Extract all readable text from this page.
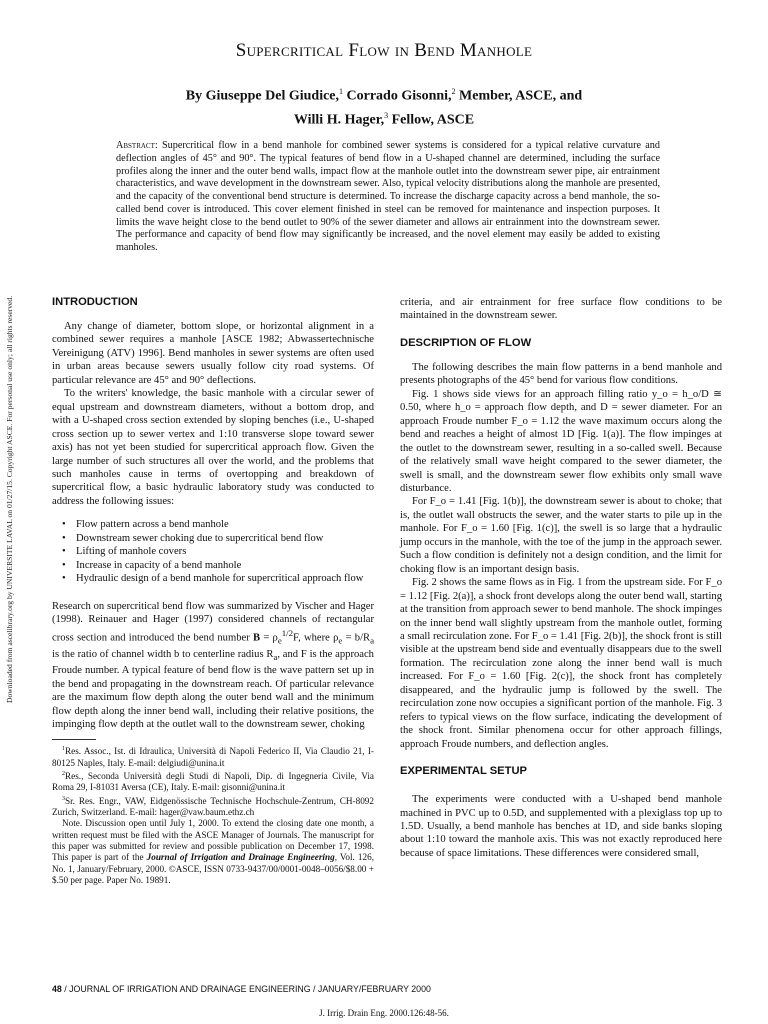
Downloaded from ascelibrary.org by UNIVERSITE LAVAL on 01/27/15. Copyright ASCE. For personal use only; all rights reserved.
Supercritical Flow in Bend Manhole
By Giuseppe Del Giudice,$^1$ Corrado Gisonni,$^2$ Member, ASCE, and
Willi H. Hager,$^3$ Fellow, ASCE
Abstract: Supercritical flow in a bend manhole for combined sewer systems is considered for a typical relative curvature and deflection angles of 45° and 90°. The typical features of bend flow in a U-shaped channel are determined, including the surface profiles along the inner and the outer bend walls, impact flow at the manhole outlet into the downstream sewer pipe, air entrainment characteristics, and wave development in the downstream sewer. Also, typical velocity distributions along the manhole are presented, and the capacity of the conventional bend structure is determined. To increase the discharge capacity across a bend manhole, the so-called bend cover is introduced. This cover element finished in steel can be removed for maintenance and inspection purposes. It limits the wave height close to the bend outlet to 90% of the sewer diameter and allows air entrainment into the downstream sewer. The performance and capacity of bend flow may significantly be increased, and the novel element may easily be added to existing manholes.
INTRODUCTION

Any change of diameter, bottom slope, or horizontal alignment in a combined sewer requires a manhole [ASCE 1982; Abwassertechnische Vereinigung (ATV) 1996]. Bend manholes in sewer systems are often used in urban areas because sewers usually follow city road systems. Of particular relevance are 45° and 90° deflections.

To the writers' knowledge, the basic manhole with a circular sewer of equal upstream and downstream diameters, without a bottom drop, and with a U-shaped cross section extended by sloping benches (i.e., U-shaped cross section up to sewer vertex and 1:10 transverse slope toward sewer axis) has not yet been studied for supercritical approach flow. Given the large number of such structures all over the world, and the problems that such manholes cause in terms of overtopping and breakdown of supercritical flow, a basic hydraulic laboratory study was conducted to address the following issues:

• Flow pattern across a bend manhole
• Downstream sewer choking due to supercritical bend flow
• Lifting of manhole covers
• Increase in capacity of a bend manhole
• Hydraulic design of a bend manhole for supercritical approach flow

Research on supercritical bend flow was summarized by Vischer and Hager (1998). Reinauer and Hager (1997) considered channels of rectangular cross section and introduced the bend number $B = \rho_e^{1/2}F$, where $\rho_e = b/R_a$ is the ratio of channel width b to centerline radius $R_a$, and F is the approach Froude number. A typical feature of bend flow is the wave pattern set up in the bend and propagating in the downstream reach. Of particular relevance are the maximum flow depth along the outer bend wall and the minimum flow depth along the inner bend wall, including their relative positions, the impinging flow depth at the outlet wall to the downstream sewer, choking

$^1$Res. Assoc., Ist. di Idraulica, Università di Napoli Federico II, Via Claudio 21, I-80125 Naples, Italy. E-mail: delgiudi@unina.it

$^2$Res., Seconda Università degli Studi di Napoli, Dip. di Ingegneria Civile, Via Roma 29, I-81031 Aversa (CE), Italy. E-mail: gisonni@unina.it

$^3$Sr. Res. Engr., VAW, Eidgenössische Technische Hochschule-Zentrum, CH-8092 Zurich, Switzerland. E-mail: hager@vaw.baum.ethz.ch

Note. Discussion open until July 1, 2000. To extend the closing date one month, a written request must be filed with the ASCE Manager of Journals. The manuscript for this paper was submitted for review and possible publication on December 17, 1998. This paper is part of the Journal of Irrigation and Drainage Engineering, Vol. 126, No. 1, January/February, 2000. ©ASCE, ISSN 0733-9437/00/0001-0048–0056/$8.00 + $.50 per page. Paper No. 19891.

criteria, and air entrainment for free surface flow conditions to be maintained in the downstream sewer.

DESCRIPTION OF FLOW

The following describes the main flow patterns in a bend manhole and presents photographs of the 45° bend for various flow conditions.

Fig. 1 shows side views for an approach filling ratio y_o = h_o/D ≅ 0.50, where h_o = approach flow depth, and D = sewer diameter. For an approach Froude number F_o = 1.12 the wave maximum occurs along the bend and reaches a height of almost 1D [Fig. 1(a)]. The flow impinges at the outlet to the downstream sewer, resulting in a so-called swell. Because of the relatively small wave height compared to the sewer diameter, the swell is small, and the downstream sewer flow exhibits only small wave disturbance.

For F_o = 1.41 [Fig. 1(b)], the downstream sewer is about to choke; that is, the outlet wall obstructs the sewer, and the water starts to pile up in the manhole. For F_o = 1.60 [Fig. 1(c)], the swell is so large that a hydraulic jump occurs in the manhole, with the toe of the jump in the approach sewer. Such a flow condition is definitely not a design condition, and the limit for choking flow is an important design basis.

Fig. 2 shows the same flows as in Fig. 1 from the upstream side. For F_o = 1.12 [Fig. 2(a)], a shock front develops along the outer bend wall, starting at the transition from approach sewer to bend manhole. The shock impinges on the inner bend wall slightly upstream from the manhole outlet, forming a small recirculation zone. For F_o = 1.41 [Fig. 2(b)], the shock front is still visible at the upstream bend side and eventually disappears due to the swell formation. The recirculation zone along the inner bend wall is much increased. For F_o = 1.60 [Fig. 2(c)], the shock front has completely disappeared, and the hydraulic jump is followed by the swell. The recirculation zone now occupies a significant portion of the manhole. Fig. 3 refers to typical views on the flow surface, indicating the development of the shock front. Similar phenomena occur for other approach fillings, approach Froude numbers, and deflection angles.

EXPERIMENTAL SETUP

The experiments were conducted with a U-shaped bend manhole machined in PVC up to 0.5D, and supplemented with a plexiglass top up to 1.5D. Usually, a bend manhole has benches at 1D, and side banks sloping about 1:10 toward the manhole axis. This was not exactly reproduced here because of space limitations. These differences were considered small,

48 / JOURNAL OF IRRIGATION AND DRAINAGE ENGINEERING / JANUARY/FEBRUARY 2000
J. Irrig. Drain Eng. 2000.126:48-56.
